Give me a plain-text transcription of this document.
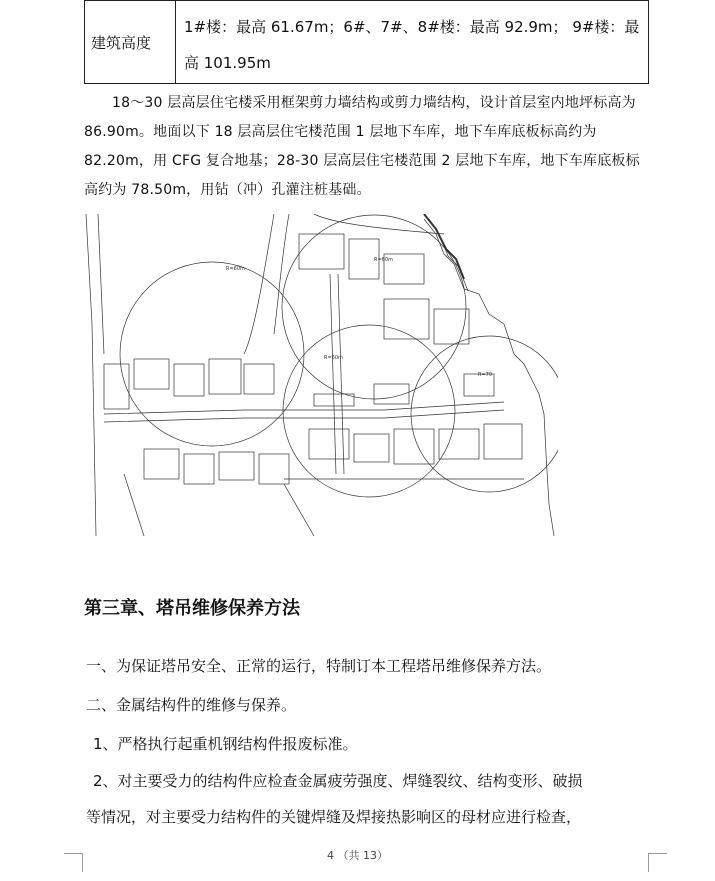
建筑高度	1#楼：最高 61.67m；6#、7#、8#楼：最高 92.9m； 9#楼：最高 101.95m
18～30 层高层住宅楼采用框架剪力墙结构或剪力墙结构，设计首层室内地坪标高为 86.90m。地面以下 18 层高层住宅楼范围 1 层地下车库，地下车库底板标高约为 82.20m，用 CFG 复合地基；28-30 层高层住宅楼范围 2 层地下车库，地下车库底板标高约为 78.50m，用钻（冲）孔灌注桩基础。
R=60m
R=60m
R=60m
R=70
第三章、塔吊维修保养方法
一、为保证塔吊安全、正常的运行，特制订本工程塔吊维修保养方法。
二、金属结构件的维修与保养。
1、严格执行起重机钢结构件报废标准。
2、对主要受力的结构件应检查金属疲劳强度、焊缝裂纹、结构变形、破损
等情况，对主要受力结构件的关键焊缝及焊接热影响区的母材应进行检查，
4 （共 13）
